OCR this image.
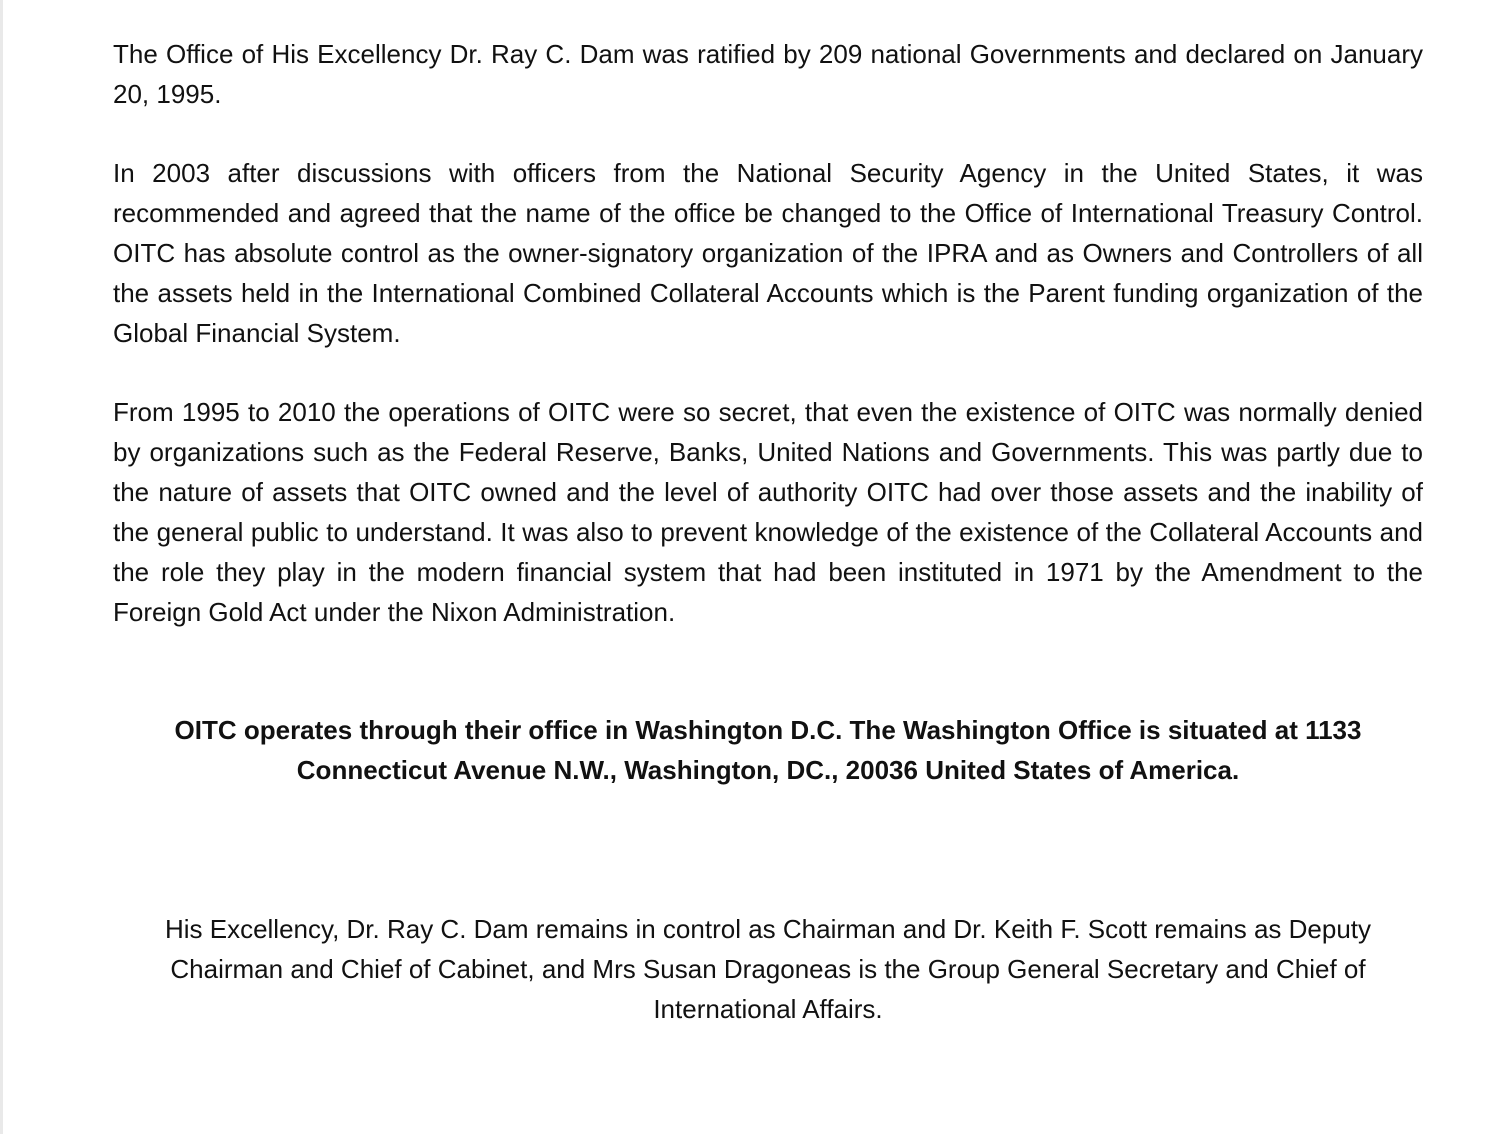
The Office of His Excellency Dr. Ray C. Dam was ratified by 209 national Governments and declared on January 20, 1995.

In 2003 after discussions with officers from the National Security Agency in the United States, it was recommended and agreed that the name of the office be changed to the Office of International Treasury Control. OITC has absolute control as the owner-signatory organization of the IPRA and as Owners and Controllers of all the assets held in the International Combined Collateral Accounts which is the Parent funding organization of the Global Financial System.

From 1995 to 2010 the operations of OITC were so secret, that even the existence of OITC was normally denied by organizations such as the Federal Reserve, Banks, United Nations and Governments. This was partly due to the nature of assets that OITC owned and the level of authority OITC had over those assets and the inability of the general public to understand. It was also to prevent knowledge of the existence of the Collateral Accounts and the role they play in the modern financial system that had been instituted in 1971 by the Amendment to the Foreign Gold Act under the Nixon Administration.

OITC operates through their office in Washington D.C. The Washington Office is situated at 1133 Connecticut Avenue N.W., Washington, DC., 20036 United States of America.

His Excellency, Dr. Ray C. Dam remains in control as Chairman and Dr. Keith F. Scott remains as Deputy Chairman and Chief of Cabinet, and Mrs Susan Dragoneas is the Group General Secretary and Chief of International Affairs.
